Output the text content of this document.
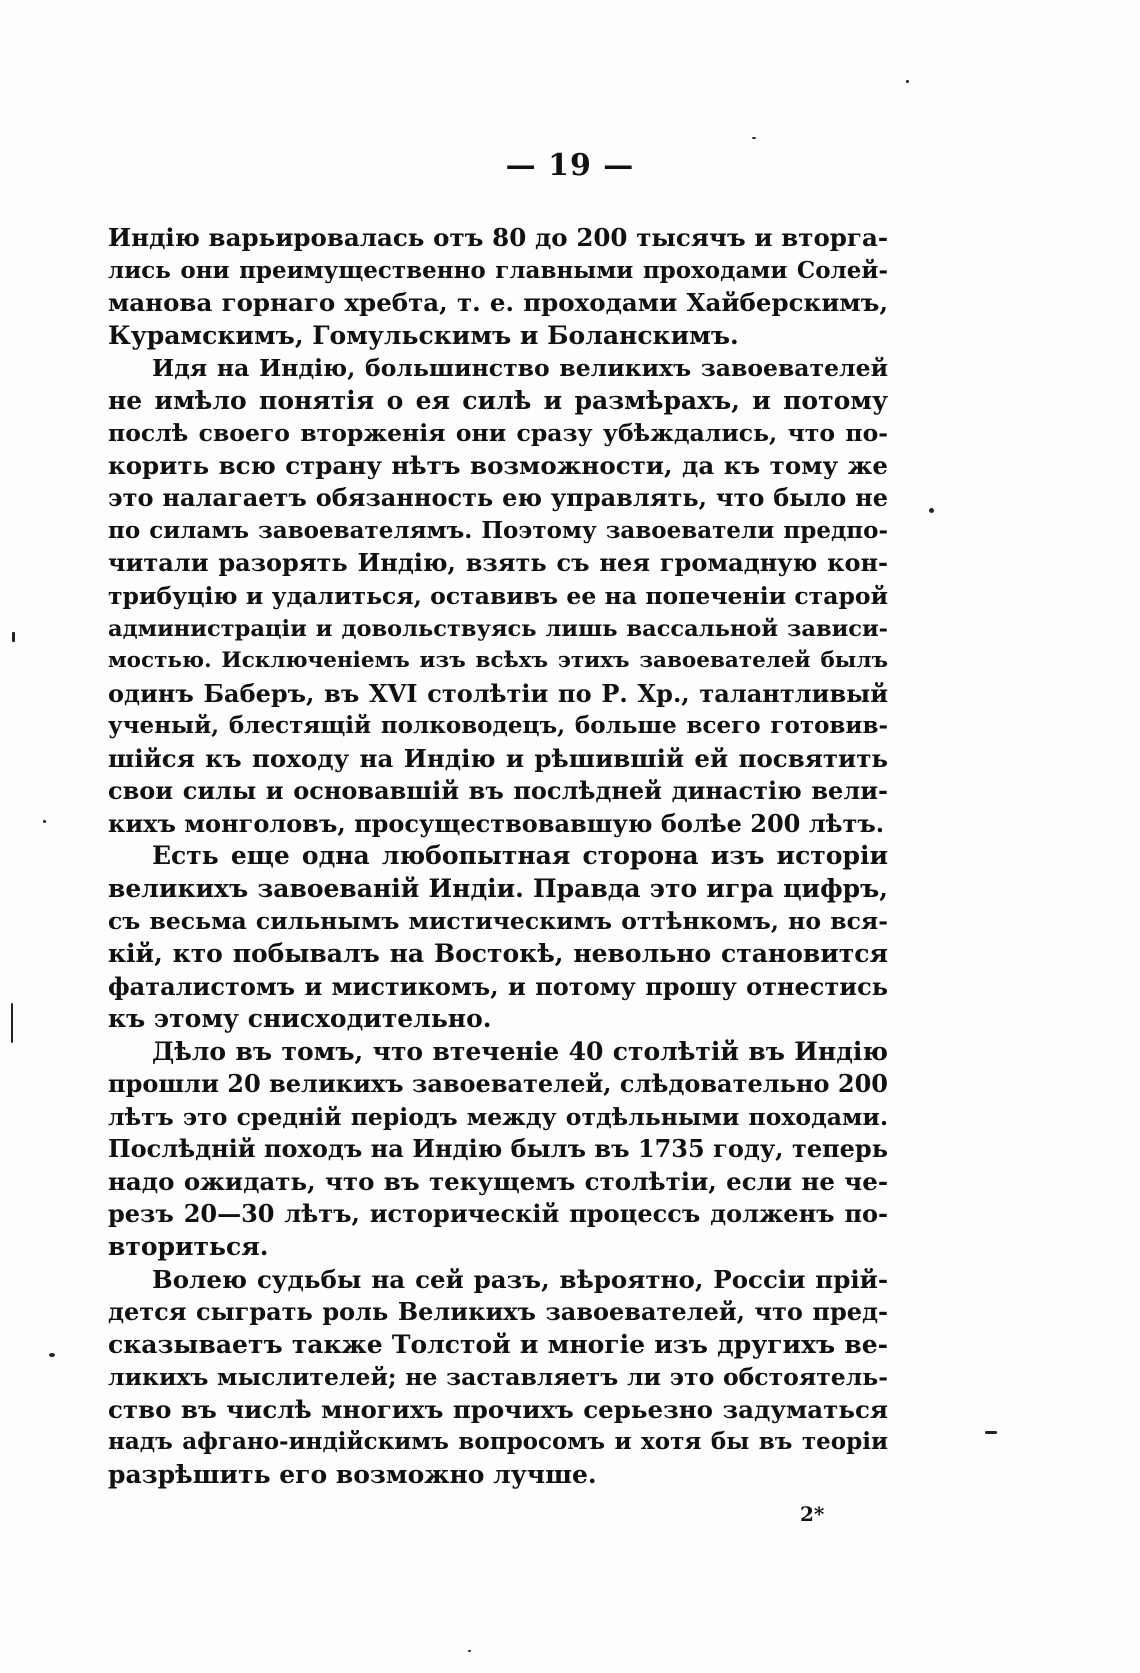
— 19 —
Индію варьировалась отъ 80 до 200 тысячъ и вторга-
лись они преимущественно главными проходами Солей-
манова горнаго хребта, т. е. проходами Хайберскимъ,
Курамскимъ, Гомульскимъ и Боланскимъ.
Идя на Индію, большинство великихъ завоевателей
не имѣло понятія о ея силѣ и размѣрахъ, и потому
послѣ своего вторженія они сразу убѣждались, что по-
корить всю страну нѣтъ возможности, да къ тому же
это налагаетъ обязанность ею управлять, что было не
по силамъ завоевателямъ. Поэтому завоеватели предпо-
читали разорять Индію, взять съ нея громадную кон-
трибуцію и удалиться, оставивъ ее на попеченіи старой
администраціи и довольствуясь лишь вассальной зависи-
мостью. Исключеніемъ изъ всѣхъ этихъ завоевателей былъ
одинъ Баберъ, въ XVI столѣтіи по Р. Хр., талантливый
ученый, блестящій полководецъ, больше всего готовив-
шійся къ походу на Индію и рѣшившій ей посвятить
свои силы и основавшій въ послѣдней династію вели-
кихъ монголовъ, просуществовавшую болѣе 200 лѣтъ.
Есть еще одна любопытная сторона изъ исторіи
великихъ завоеваній Индіи. Правда это игра цифръ,
съ весьма сильнымъ мистическимъ оттѣнкомъ, но вся-
кій, кто побывалъ на Востокѣ, невольно становится
фаталистомъ и мистикомъ, и потому прошу отнестись
къ этому снисходительно.
Дѣло въ томъ, что втеченіе 40 столѣтій въ Индію
прошли 20 великихъ завоевателей, слѣдовательно 200
лѣтъ это средній періодъ между отдѣльными походами.
Послѣдній походъ на Индію былъ въ 1735 году, теперь
надо ожидать, что въ текущемъ столѣтіи, если не че-
резъ 20—30 лѣтъ, историческій процессъ долженъ по-
вториться.
Волею судьбы на сей разъ, вѣроятно, Россіи прій-
дется сыграть роль Великихъ завоевателей, что пред-
сказываетъ также Толстой и многіе изъ другихъ ве-
ликихъ мыслителей; не заставляетъ ли это обстоятель-
ство въ числѣ многихъ прочихъ серьезно задуматься
надъ афгано-индійскимъ вопросомъ и хотя бы въ теоріи
разрѣшить его возможно лучше.
2*
